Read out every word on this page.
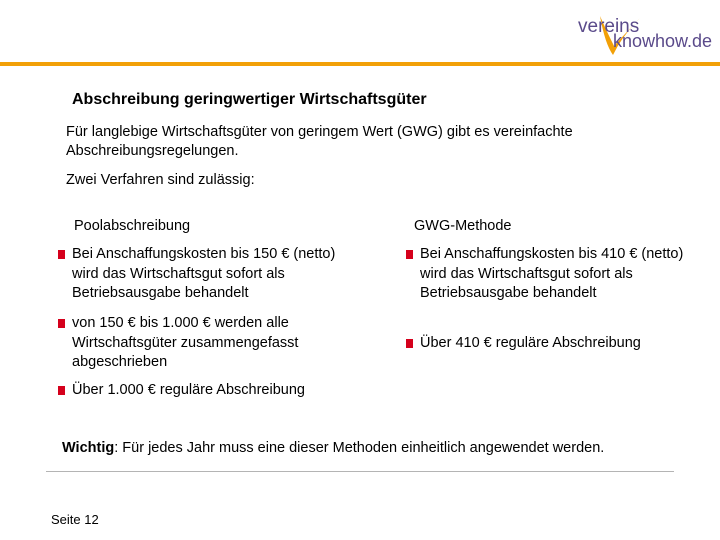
vereins
knowhow.de
Abschreibung geringwertiger Wirtschaftsgüter
Für langlebige Wirtschaftsgüter von geringem Wert (GWG) gibt es vereinfachte Abschreibungsregelungen.
Zwei Verfahren sind zulässig:
Poolabschreibung	GWG-Methode
Bei Anschaffungskosten bis 150 € (netto) wird das Wirtschaftsgut sofort als Betriebsausgabe behandelt
von 150 € bis 1.000 € werden alle Wirtschaftsgüter zusammengefasst abgeschrieben
Über 1.000 € reguläre Abschreibung
Bei Anschaffungskosten bis 410 € (netto) wird das Wirtschaftsgut sofort als Betriebsausgabe behandelt
Über 410 € reguläre Abschreibung
Wichtig: Für jedes Jahr muss eine dieser Methoden einheitlich angewendet werden.
Seite 12
